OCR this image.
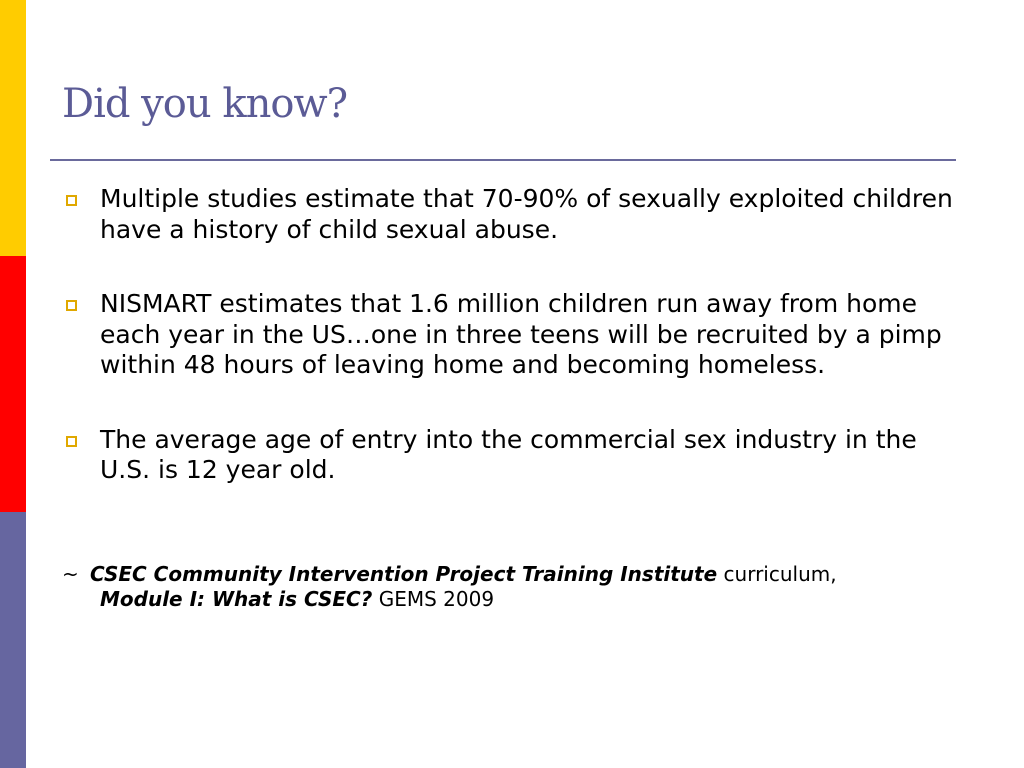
Did you know?
Multiple studies estimate that 70-90% of sexually exploited children have a history of child sexual abuse.
NISMART estimates that 1.6 million children run away from home each year in the US…one in three teens will be recruited by a pimp within 48 hours of leaving home and becoming homeless.
The average age of entry into the commercial sex industry in the U.S. is 12 year old.
~ CSEC Community Intervention Project Training Institute curriculum,
Module I: What is CSEC? GEMS 2009
